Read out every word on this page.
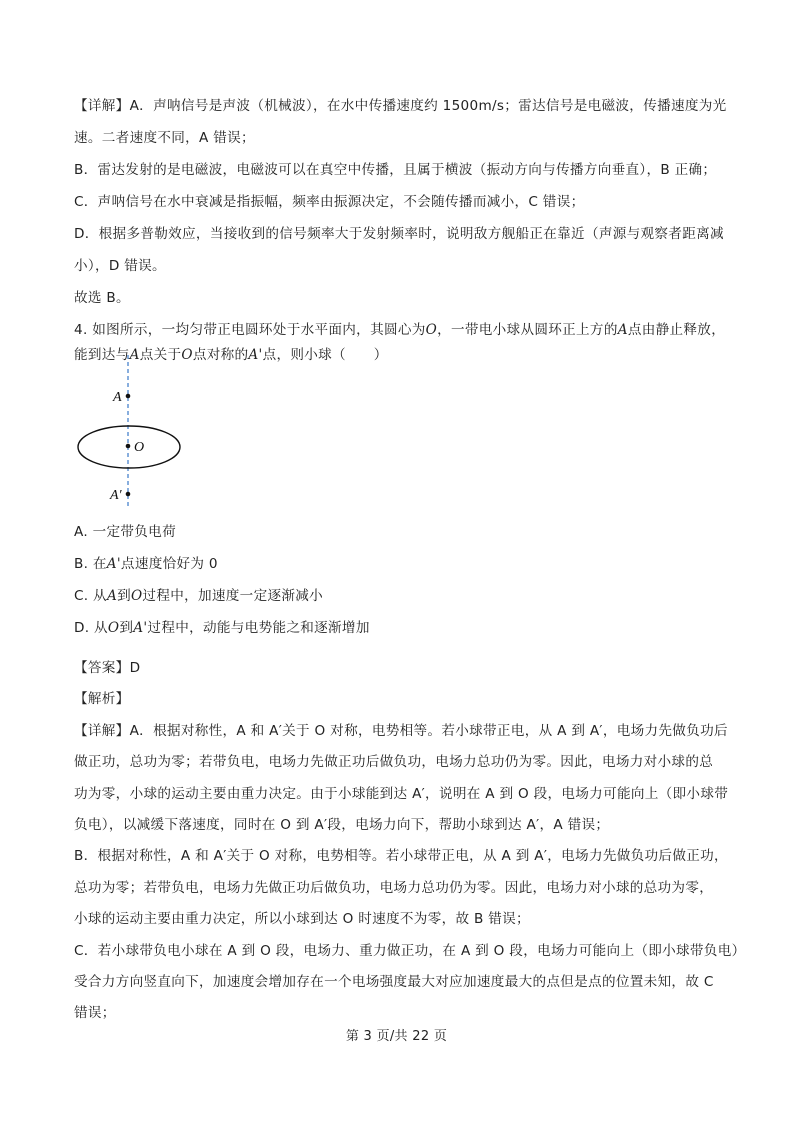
【详解】A．声呐信号是声波（机械波），在水中传播速度约 1500m/s；雷达信号是电磁波，传播速度为光
速。二者速度不同，A 错误；
B．雷达发射的是电磁波，电磁波可以在真空中传播，且属于横波（振动方向与传播方向垂直），B 正确；
C．声呐信号在水中衰减是指振幅，频率由振源决定，不会随传播而减小，C 错误；
D．根据多普勒效应，当接收到的信号频率大于发射频率时，说明敌方舰船正在靠近（声源与观察者距离减
小），D 错误。
故选 B。
4. 如图所示，一均匀带正电圆环处于水平面内，其圆心为O，一带电小球从圆环正上方的A点由静止释放，
能到达与A点关于O点对称的A'点，则小球（　　）
A
O
A′
A. 一定带负电荷
B. 在A'点速度恰好为 0
C. 从A到O过程中，加速度一定逐渐减小
D. 从O到A'过程中，动能与电势能之和逐渐增加
【答案】D
【解析】
【详解】A．根据对称性，A 和 A′关于 O 对称，电势相等。若小球带正电，从 A 到 A′，电场力先做负功后
做正功，总功为零；若带负电，电场力先做正功后做负功，电场力总功仍为零。因此，电场力对小球的总
功为零，小球的运动主要由重力决定。由于小球能到达 A′，说明在 A 到 O 段，电场力可能向上（即小球带
负电），以减缓下落速度，同时在 O 到 A′段，电场力向下，帮助小球到达 A′，A 错误；
B．根据对称性，A 和 A′关于 O 对称，电势相等。若小球带正电，从 A 到 A′，电场力先做负功后做正功，
总功为零；若带负电，电场力先做正功后做负功，电场力总功仍为零。因此，电场力对小球的总功为零，
小球的运动主要由重力决定，所以小球到达 O 时速度不为零，故 B 错误；
C．若小球带负电小球在 A 到 O 段，电场力、重力做正功，在 A 到 O 段，电场力可能向上（即小球带负电）
受合力方向竖直向下，加速度会增加存在一个电场强度最大对应加速度最大的点但是点的位置未知，故 C
错误；
第 3 页/共 22 页
